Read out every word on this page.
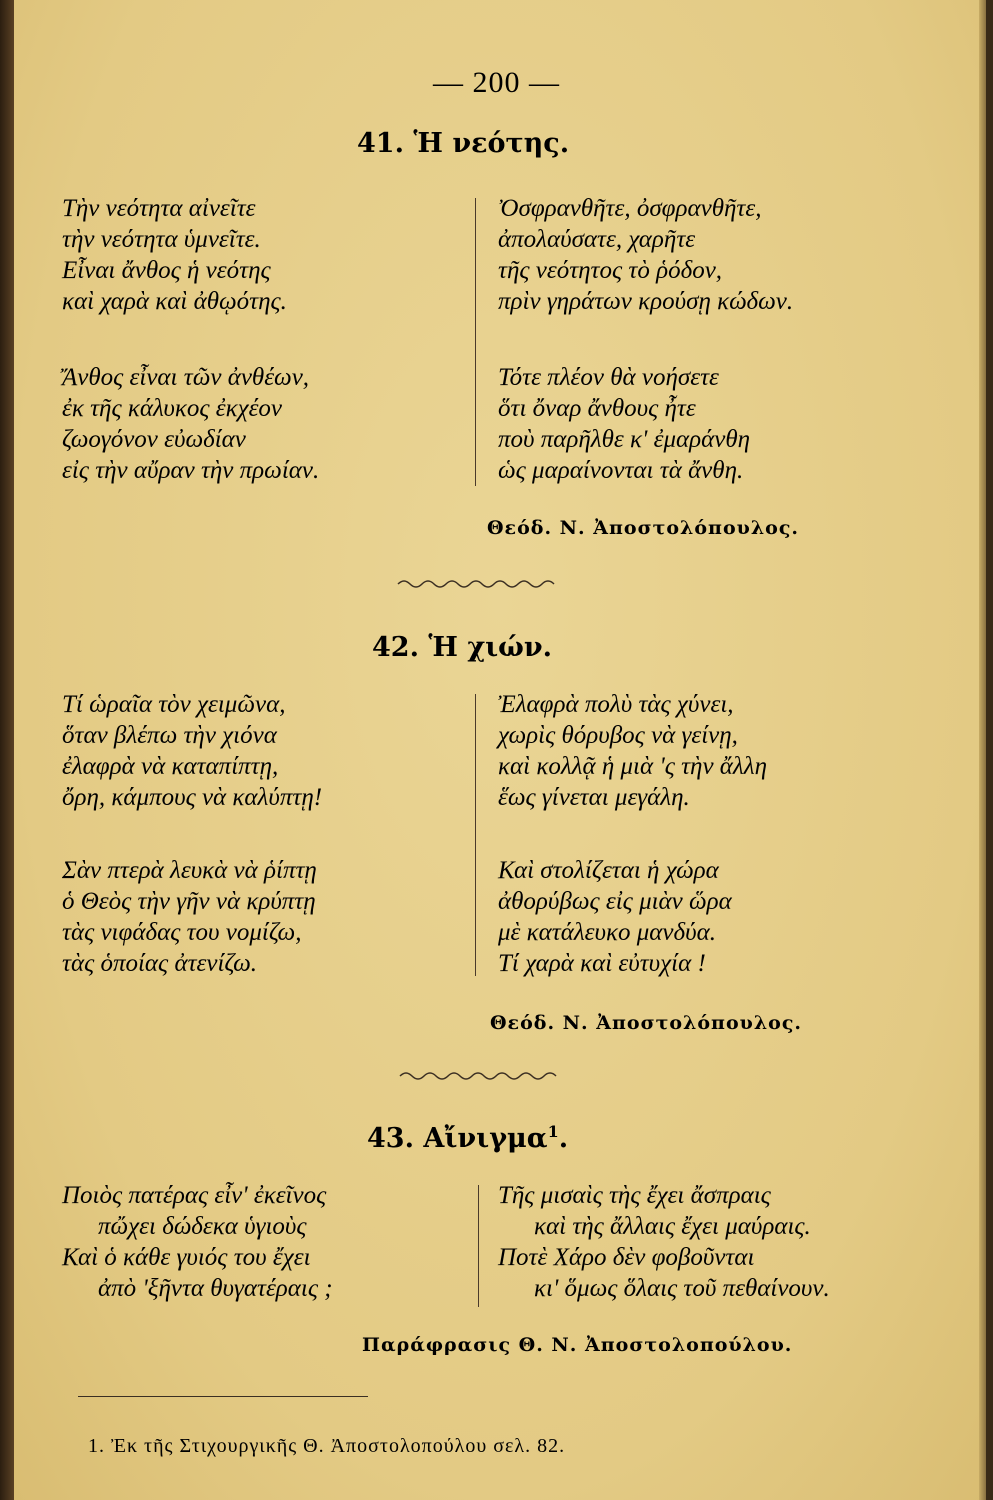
— 200 —
41. Ἡ νεότης.
Τὴν νεότητα αἰνεῖτε
τὴν νεότητα ὑμνεῖτε.
Εἶναι ἄνθος ἡ νεότης
καὶ χαρὰ καὶ ἀθῳότης.
Ἄνθος εἶναι τῶν ἀνθέων,
ἐκ τῆς κάλυκος ἐκχέον
ζωογόνον εὐωδίαν
εἰς τὴν αὔραν τὴν πρωίαν.
Ὀσφρανθῆτε, ὀσφρανθῆτε,
ἀπολαύσατε, χαρῆτε
τῆς νεότητος τὸ ῥόδον,
πρὶν γηράτων κρούσῃ κώδων.
Τότε πλέον θὰ νοήσετε
ὅτι ὄναρ ἄνθους ἦτε
ποὺ παρῆλθε κ' ἐμαράνθη
ὡς μαραίνονται τὰ ἄνθη.
Θεόδ. Ν. Ἀποστολόπουλος.
42. Ἡ χιών.
Τί ὡραῖα τὸν χειμῶνα,
ὅταν βλέπω τὴν χιόνα
ἐλαφρὰ νὰ καταπίπτῃ,
ὄρη, κάμπους νὰ καλύπτῃ!
Σὰν πτερὰ λευκὰ νὰ ῥίπτῃ
ὁ Θεὸς τὴν γῆν νὰ κρύπτῃ
τὰς νιφάδας του νομίζω,
τὰς ὁποίας ἀτενίζω.
Ἐλαφρὰ πολὺ τὰς χύνει,
χωρὶς θόρυβος νὰ γείνῃ,
καὶ κολλᾷ ἡ μιὰ 'ς τὴν ἄλλη
ἕως γίνεται μεγάλη.
Καὶ στολίζεται ἡ χώρα
ἀθορύβως εἰς μιὰν ὥρα
μὲ κατάλευκο μανδύα.
Τί χαρὰ καὶ εὐτυχία !
Θεόδ. Ν. Ἀποστολόπουλος.
43. Αἴνιγμα$^1$.
Ποιὸς πατέρας εἶν' ἐκεῖνος
πὤχει δώδεκα ὑγιοὺς
Καὶ ὁ κάθε γυιός του ἔχει
ἀπὸ 'ξῆντα θυγατέραις ;
Τῆς μισαὶς τὴς ἔχει ἄσπραις
καὶ τὴς ἄλλαις ἔχει μαύραις.
Ποτὲ Χάρο δὲν φοβοῦνται
κι' ὅμως ὅλαις τοῦ πεθαίνουν.
Παράφρασις Θ. Ν. Ἀποστολοπούλου.
1. Ἐκ τῆς Στιχουργικῆς Θ. Ἀποστολοπούλου σελ. 82.
